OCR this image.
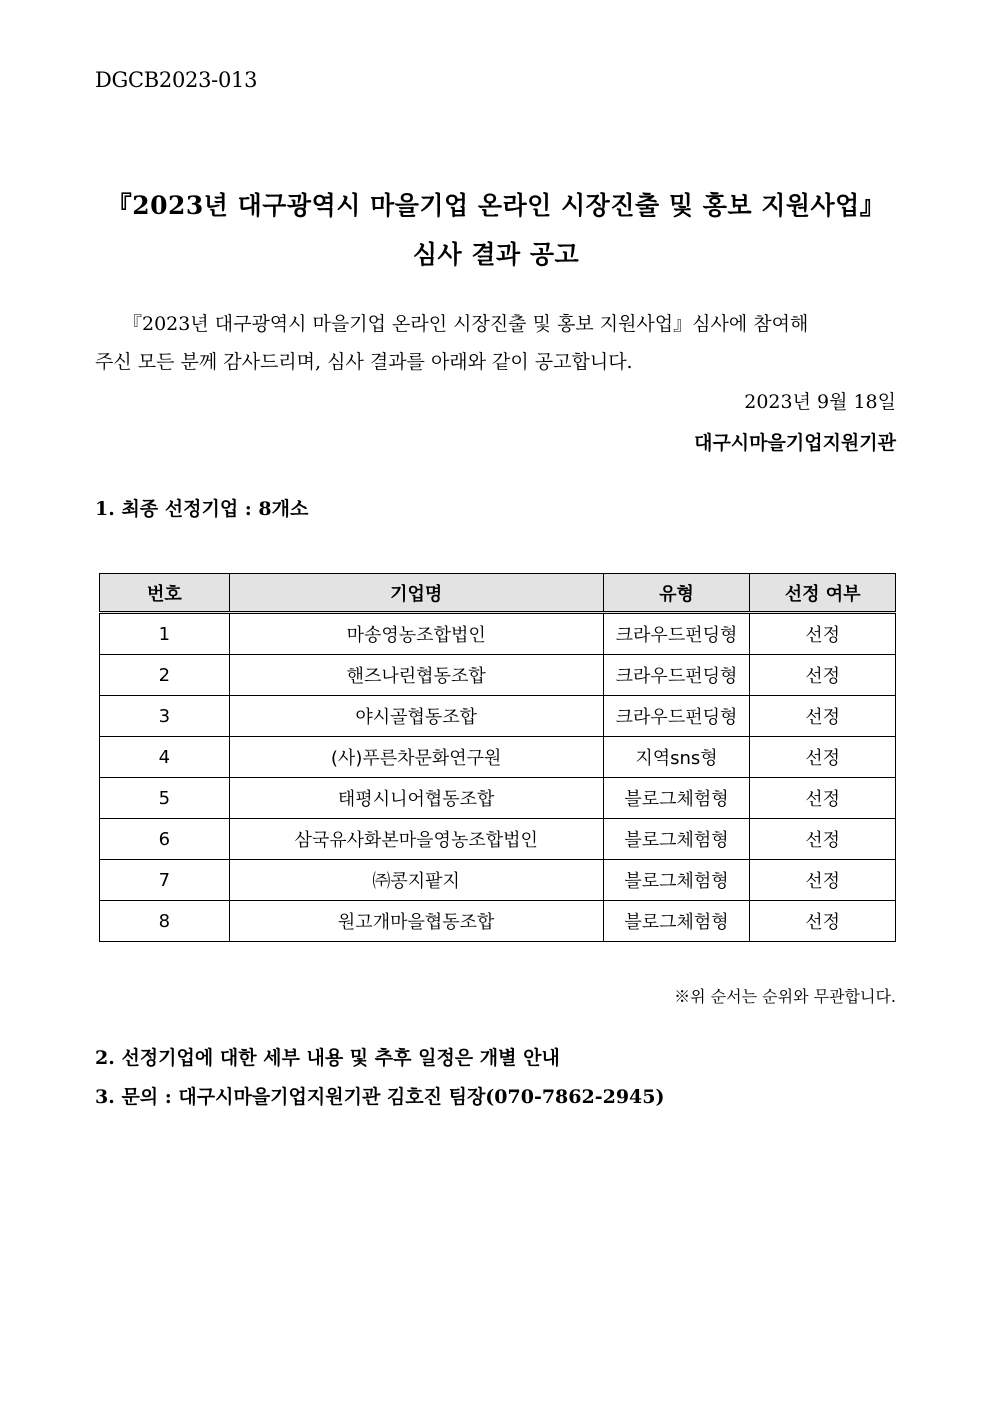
DGCB2023-013
『2023년 대구광역시 마을기업 온라인 시장진출 및 홍보 지원사업』
심사 결과 공고
『2023년 대구광역시 마을기업 온라인 시장진출 및 홍보 지원사업』심사에 참여해
주신 모든 분께 감사드리며, 심사 결과를 아래와 같이 공고합니다.
2023년 9월 18일
대구시마을기업지원기관
1. 최종 선정기업 : 8개소
번호	기업명	유형	선정 여부
1	마송영농조합법인	크라우드펀딩형	선정
2	핸즈나린협동조합	크라우드펀딩형	선정
3	야시골협동조합	크라우드펀딩형	선정
4	(사)푸른차문화연구원	지역sns형	선정
5	태평시니어협동조합	블로그체험형	선정
6	삼국유사화본마을영농조합법인	블로그체험형	선정
7	㈜콩지팥지	블로그체험형	선정
8	원고개마을협동조합	블로그체험형	선정
※위 순서는 순위와 무관합니다.
2. 선정기업에 대한 세부 내용 및 추후 일정은 개별 안내
3. 문의 : 대구시마을기업지원기관 김호진 팀장(070-7862-2945)
